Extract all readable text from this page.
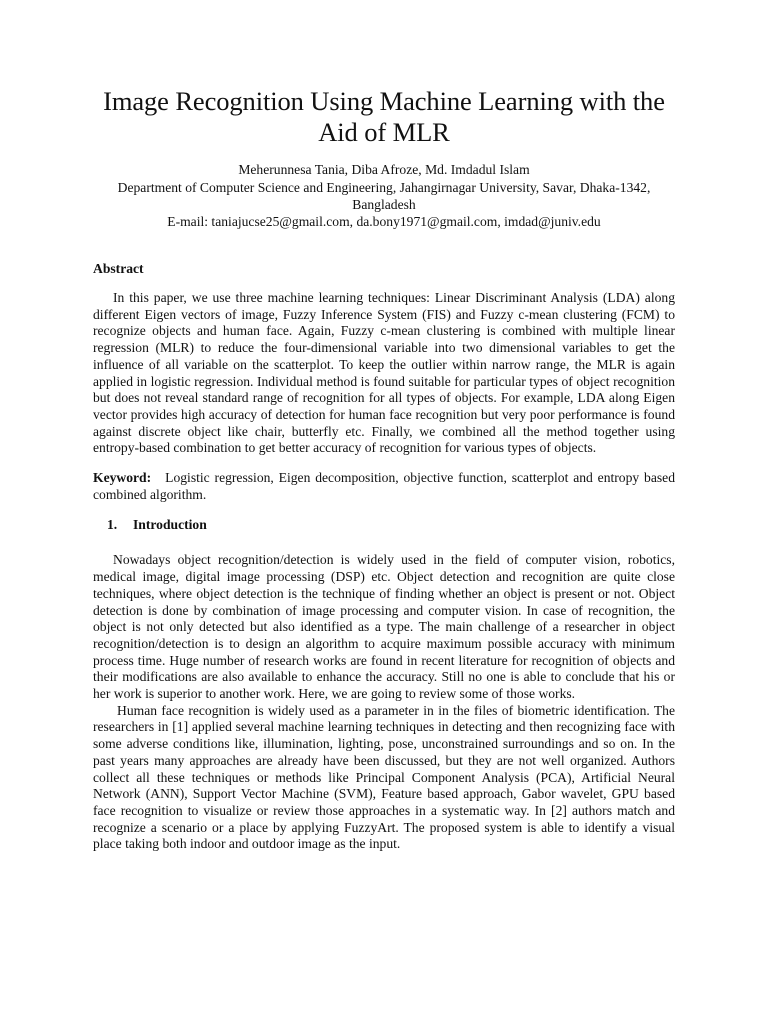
Image Recognition Using Machine Learning with the Aid of MLR

Meherunnesa Tania, Diba Afroze, Md. Imdadul Islam

Department of Computer Science and Engineering, Jahangirnagar University, Savar, Dhaka-1342, Bangladesh

E-mail: taniajucse25@gmail.com, da.bony1971@gmail.com, imdad@juniv.edu

Abstract

In this paper, we use three machine learning techniques: Linear Discriminant Analysis (LDA) along different Eigen vectors of image, Fuzzy Inference System (FIS) and Fuzzy c-mean clustering (FCM) to recognize objects and human face. Again, Fuzzy c-mean clustering is combined with multiple linear regression (MLR) to reduce the four-dimensional variable into two dimensional variables to get the influence of all variable on the scatterplot. To keep the outlier within narrow range, the MLR is again applied in logistic regression. Individual method is found suitable for particular types of object recognition but does not reveal standard range of recognition for all types of objects. For example, LDA along Eigen vector provides high accuracy of detection for human face recognition but very poor performance is found against discrete object like chair, butterfly etc. Finally, we combined all the method together using entropy-based combination to get better accuracy of recognition for various types of objects.

Keyword: Logistic regression, Eigen decomposition, objective function, scatterplot and entropy based combined algorithm.

1. Introduction

Nowadays object recognition/detection is widely used in the field of computer vision, robotics, medical image, digital image processing (DSP) etc. Object detection and recognition are quite close techniques, where object detection is the technique of finding whether an object is present or not. Object detection is done by combination of image processing and computer vision. In case of recognition, the object is not only detected but also identified as a type. The main challenge of a researcher in object recognition/detection is to design an algorithm to acquire maximum possible accuracy with minimum process time. Huge number of research works are found in recent literature for recognition of objects and their modifications are also available to enhance the accuracy. Still no one is able to conclude that his or her work is superior to another work. Here, we are going to review some of those works.

Human face recognition is widely used as a parameter in in the files of biometric identification. The researchers in [1] applied several machine learning techniques in detecting and then recognizing face with some adverse conditions like, illumination, lighting, pose, unconstrained surroundings and so on. In the past years many approaches are already have been discussed, but they are not well organized. Authors collect all these techniques or methods like Principal Component Analysis (PCA), Artificial Neural Network (ANN), Support Vector Machine (SVM), Feature based approach, Gabor wavelet, GPU based face recognition to visualize or review those approaches in a systematic way. In [2] authors match and recognize a scenario or a place by applying FuzzyArt. The proposed system is able to identify a visual place taking both indoor and outdoor image as the input.
